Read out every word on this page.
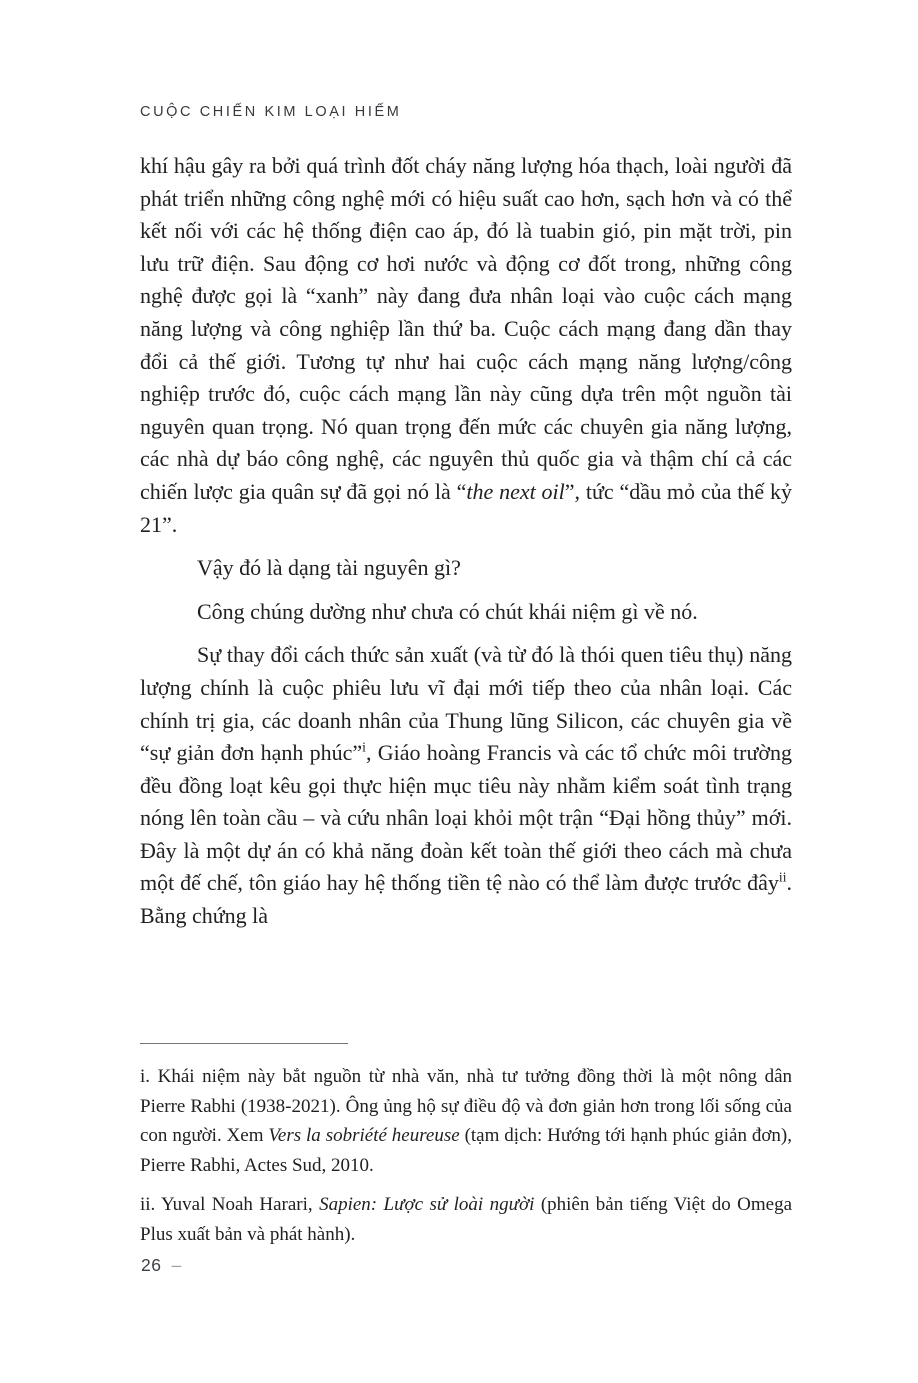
CUỘC CHIẾN KIM LOẠI HIẾM

khí hậu gây ra bởi quá trình đốt cháy năng lượng hóa thạch, loài người đã phát triển những công nghệ mới có hiệu suất cao hơn, sạch hơn và có thể kết nối với các hệ thống điện cao áp, đó là tuabin gió, pin mặt trời, pin lưu trữ điện. Sau động cơ hơi nước và động cơ đốt trong, những công nghệ được gọi là “xanh” này đang đưa nhân loại vào cuộc cách mạng năng lượng và công nghiệp lần thứ ba. Cuộc cách mạng đang dần thay đổi cả thế giới. Tương tự như hai cuộc cách mạng năng lượng/công nghiệp trước đó, cuộc cách mạng lần này cũng dựa trên một nguồn tài nguyên quan trọng. Nó quan trọng đến mức các chuyên gia năng lượng, các nhà dự báo công nghệ, các nguyên thủ quốc gia và thậm chí cả các chiến lược gia quân sự đã gọi nó là “the next oil”, tức “dầu mỏ của thế kỷ 21”.

Vậy đó là dạng tài nguyên gì?

Công chúng dường như chưa có chút khái niệm gì về nó.

Sự thay đổi cách thức sản xuất (và từ đó là thói quen tiêu thụ) năng lượng chính là cuộc phiêu lưu vĩ đại mới tiếp theo của nhân loại. Các chính trị gia, các doanh nhân của Thung lũng Silicon, các chuyên gia về “sự giản đơn hạnh phúc”$^i$, Giáo hoàng Francis và các tổ chức môi trường đều đồng loạt kêu gọi thực hiện mục tiêu này nhằm kiểm soát tình trạng nóng lên toàn cầu – và cứu nhân loại khỏi một trận “Đại hồng thủy” mới. Đây là một dự án có khả năng đoàn kết toàn thế giới theo cách mà chưa một đế chế, tôn giáo hay hệ thống tiền tệ nào có thể làm được trước đây$^{ii}$. Bằng chứng là

i. Khái niệm này bắt nguồn từ nhà văn, nhà tư tưởng đồng thời là một nông dân Pierre Rabhi (1938-2021). Ông ủng hộ sự điều độ và đơn giản hơn trong lối sống của con người. Xem Vers la sobriété heureuse (tạm dịch: Hướng tới hạnh phúc giản đơn), Pierre Rabhi, Actes Sud, 2010.

ii. Yuval Noah Harari, Sapien: Lược sử loài người (phiên bản tiếng Việt do Omega Plus xuất bản và phát hành).

26 –
